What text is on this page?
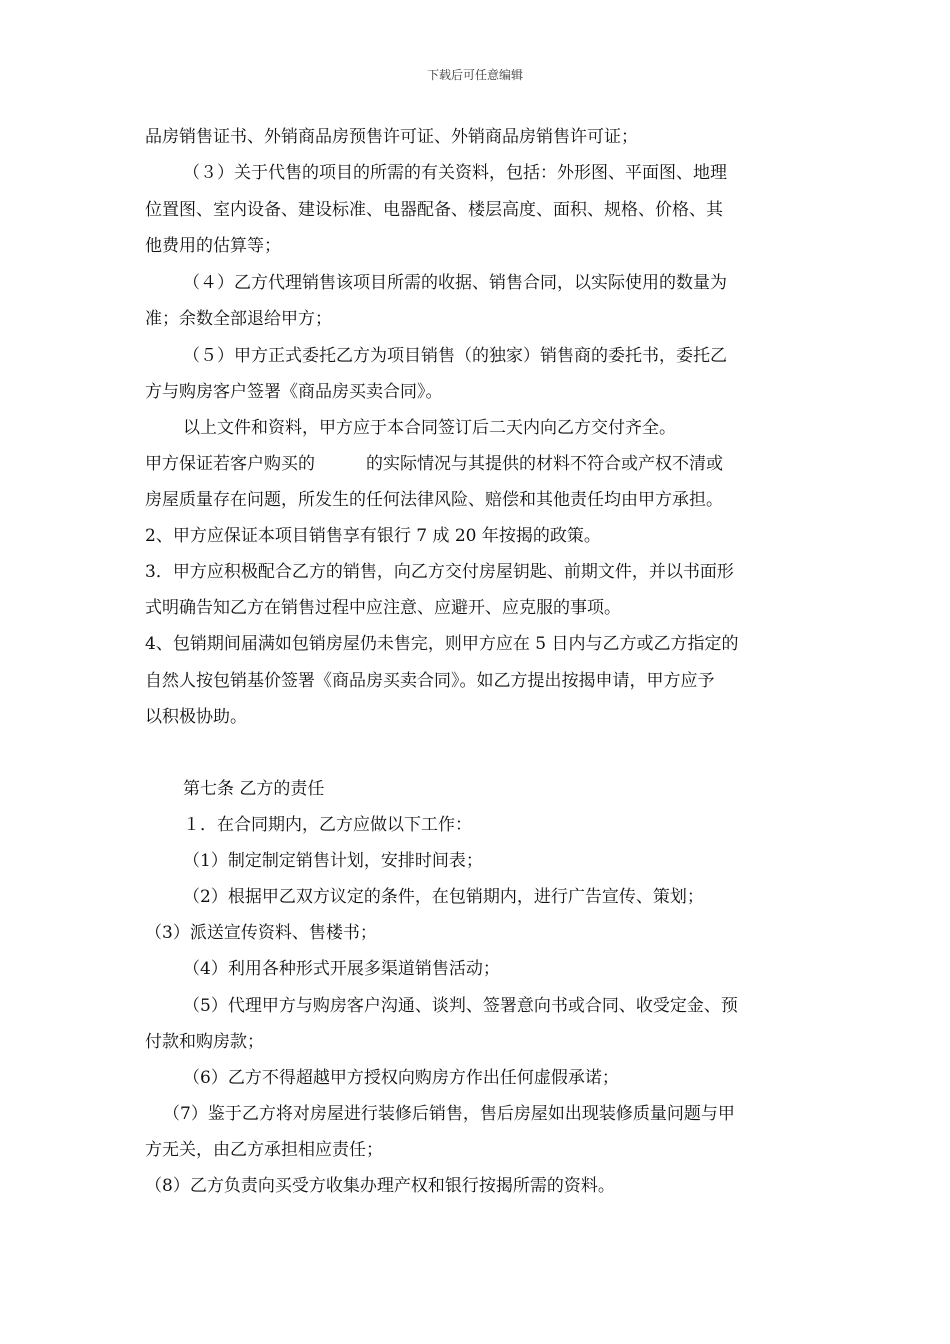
下载后可任意编辑
品房销售证书、外销商品房预售许可证、外销商品房销售许可证；
（３）关于代售的项目的所需的有关资料，包括：外形图、平面图、地理
位置图、室内设备、建设标准、电器配备、楼层高度、面积、规格、价格、其
他费用的估算等；
（４）乙方代理销售该项目所需的收据、销售合同，以实际使用的数量为
准；余数全部退给甲方；
（５）甲方正式委托乙方为项目销售（的独家）销售商的委托书，委托乙
方与购房客户签署《商品房买卖合同》。
以上文件和资料，甲方应于本合同签订后二天内向乙方交付齐全。
甲方保证若客户购买的　　　的实际情况与其提供的材料不符合或产权不清或
房屋质量存在问题，所发生的任何法律风险、赔偿和其他责任均由甲方承担。
2、甲方应保证本项目销售享有银行 7 成 20 年按揭的政策。
3．甲方应积极配合乙方的销售，向乙方交付房屋钥匙、前期文件，并以书面形
式明确告知乙方在销售过程中应注意、应避开、应克服的事项。
4、包销期间届满如包销房屋仍未售完，则甲方应在 5 日内与乙方或乙方指定的
自然人按包销基价签署《商品房买卖合同》。如乙方提出按揭申请，甲方应予
以积极协助。
第七条 乙方的责任
１．在合同期内，乙方应做以下工作：
（1）制定制定销售计划，安排时间表；
（2）根据甲乙双方议定的条件，在包销期内，进行广告宣传、策划；
（3）派送宣传资料、售楼书；
（4）利用各种形式开展多渠道销售活动；
（5）代理甲方与购房客户沟通、谈判、签署意向书或合同、收受定金、预
付款和购房款；
（6）乙方不得超越甲方授权向购房方作出任何虚假承诺；
（7）鉴于乙方将对房屋进行装修后销售，售后房屋如出现装修质量问题与甲
方无关，由乙方承担相应责任；
（8）乙方负责向买受方收集办理产权和银行按揭所需的资料。
